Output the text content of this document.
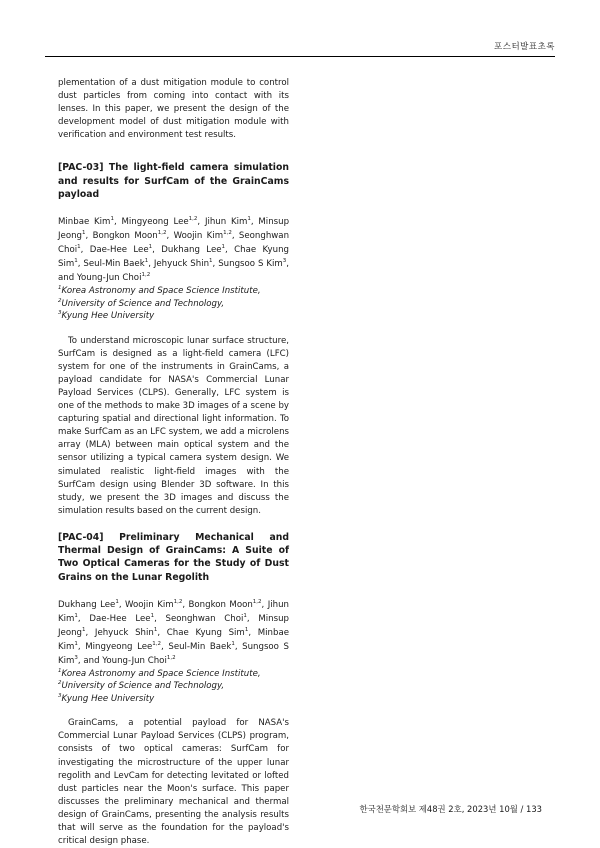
포스터발표초록

plementation of a dust mitigation module to control dust particles from coming into contact with its lenses. In this paper, we present the design of the development model of dust mitigation module with verification and environment test results.

[PAC-03] The light-field camera simulation and results for SurfCam of the GrainCams payload

Minbae Kim$^1$, Mingyeong Lee$^{1,2}$, Jihun Kim$^1$, Minsup Jeong$^1$, Bongkon Moon$^{1,2}$, Woojin Kim$^{1,2}$, Seonghwan Choi$^1$, Dae-Hee Lee$^1$, Dukhang Lee$^1$, Chae Kyung Sim$^1$, Seul-Min Baek$^1$, Jehyuck Shin$^1$, Sungsoo S Kim$^3$, and Young-Jun Choi$^{1,2}$

$^1$Korea Astronomy and Space Science Institute,

$^2$University of Science and Technology,

$^3$Kyung Hee University

To understand microscopic lunar surface structure, SurfCam is designed as a light-field camera (LFC) system for one of the instruments in GrainCams, a payload candidate for NASA's Commercial Lunar Payload Services (CLPS). Generally, LFC system is one of the methods to make 3D images of a scene by capturing spatial and directional light information. To make SurfCam as an LFC system, we add a microlens array (MLA) between main optical system and the sensor utilizing a typical camera system design. We simulated realistic light-field images with the SurfCam design using Blender 3D software. In this study, we present the 3D images and discuss the simulation results based on the current design.

[PAC-04] Preliminary Mechanical and Thermal Design of GrainCams: A Suite of Two Optical Cameras for the Study of Dust Grains on the Lunar Regolith

Dukhang Lee$^1$, Woojin Kim$^{1,2}$, Bongkon Moon$^{1,2}$, Jihun Kim$^1$, Dae-Hee Lee$^1$, Seonghwan Choi$^1$, Minsup Jeong$^1$, Jehyuck Shin$^1$, Chae Kyung Sim$^1$, Minbae Kim$^1$, Mingyeong Lee$^{1,2}$, Seul-Min Baek$^1$, Sungsoo S Kim$^3$, and Young-Jun Choi$^{1,2}$

$^1$Korea Astronomy and Space Science Institute,

$^2$University of Science and Technology,

$^3$Kyung Hee University

GrainCams, a potential payload for NASA's Commercial Lunar Payload Services (CLPS) program, consists of two optical cameras: SurfCam for investigating the microstructure of the upper lunar regolith and LevCam for detecting levitated or lofted dust particles near the Moon's surface. This paper discusses the preliminary mechanical and thermal design of GrainCams, presenting the analysis results that will serve as the foundation for the payload's critical design phase.

한국천문학회보 제48권 2호, 2023년 10월 / 133
